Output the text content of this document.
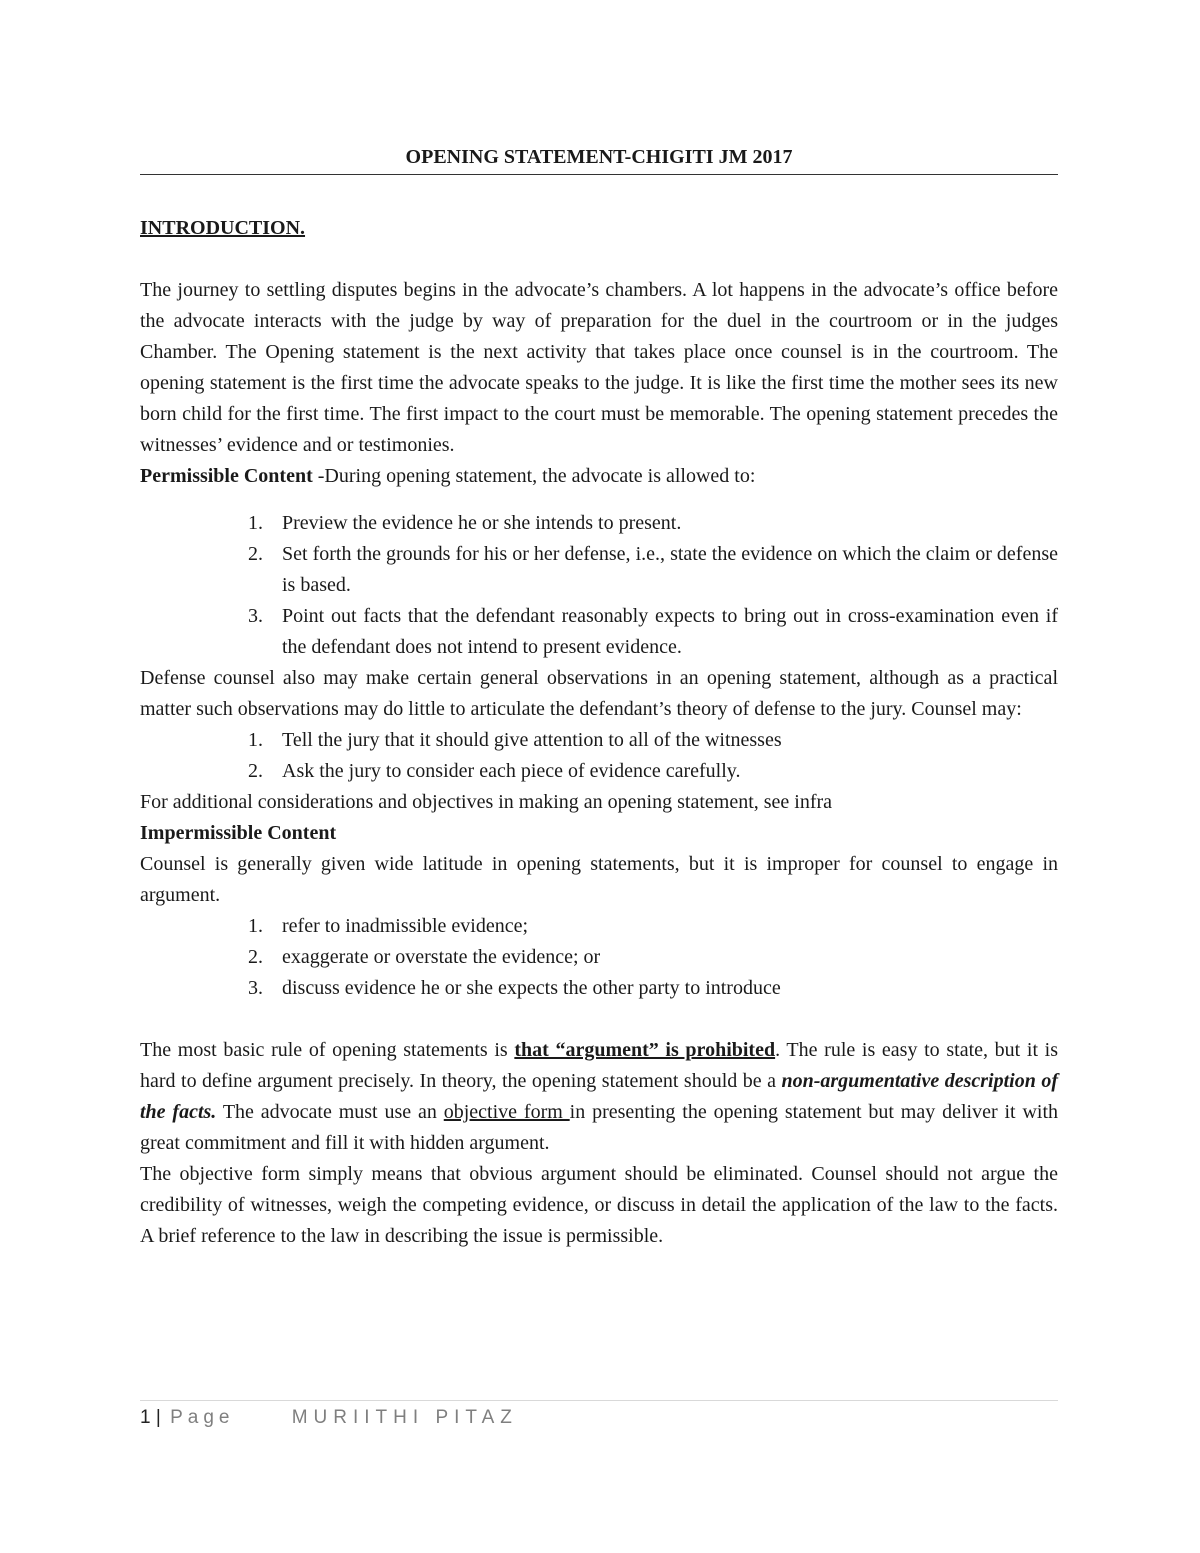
OPENING STATEMENT-CHIGITI JM 2017
INTRODUCTION.

The journey to settling disputes begins in the advocate’s chambers. A lot happens in the advocate’s office before the advocate interacts with the judge by way of preparation for the duel in the courtroom or in the judges Chamber. The Opening statement is the next activity that takes place once counsel is in the courtroom. The opening statement is the first time the advocate speaks to the judge. It is like the first time the mother sees its new born child for the first time. The first impact to the court must be memorable. The opening statement precedes the witnesses’ evidence and or testimonies.

Permissible Content -During opening statement, the advocate is allowed to:

1. Preview the evidence he or she intends to present.
2. Set forth the grounds for his or her defense, i.e., state the evidence on which the claim or defense is based.
3. Point out facts that the defendant reasonably expects to bring out in cross-examination even if the defendant does not intend to present evidence.

Defense counsel also may make certain general observations in an opening statement, although as a practical matter such observations may do little to articulate the defendant’s theory of defense to the jury. Counsel may:

1. Tell the jury that it should give attention to all of the witnesses
2. Ask the jury to consider each piece of evidence carefully.

For additional considerations and objectives in making an opening statement, see infra

Impermissible Content

Counsel is generally given wide latitude in opening statements, but it is improper for counsel to engage in argument.

1. refer to inadmissible evidence;
2. exaggerate or overstate the evidence; or
3. discuss evidence he or she expects the other party to introduce

The most basic rule of opening statements is that “argument” is prohibited. The rule is easy to state, but it is hard to define argument precisely. In theory, the opening statement should be a non-argumentative description of the facts. The advocate must use an objective form in presenting the opening statement but may deliver it with great commitment and fill it with hidden argument.

The objective form simply means that obvious argument should be eliminated. Counsel should not argue the credibility of witnesses, weigh the competing evidence, or discuss in detail the application of the law to the facts. A brief reference to the law in describing the issue is permissible.

1 | Page	MURIITHI PITAZ
